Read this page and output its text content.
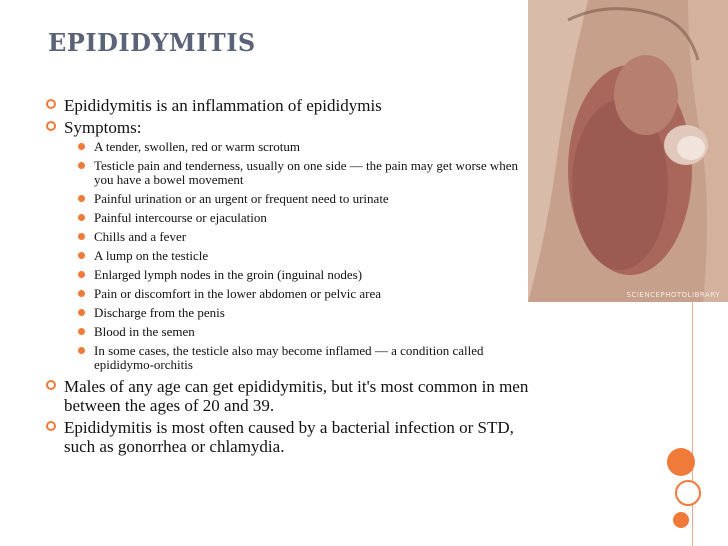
SCIENCEPHOTOLIBRARY
EPIDIDYMITIS
Epididymitis is an inflammation of epididymis
Symptoms:
A tender, swollen, red or warm scrotum
Testicle pain and tenderness, usually on one side — the pain may get worse when you have a bowel movement
Painful urination or an urgent or frequent need to urinate
Painful intercourse or ejaculation
Chills and a fever
A lump on the testicle
Enlarged lymph nodes in the groin (inguinal nodes)
Pain or discomfort in the lower abdomen or pelvic area
Discharge from the penis
Blood in the semen
In some cases, the testicle also may become inflamed — a condition called epididymo-orchitis
Males of any age can get epididymitis, but it's most common in men between the ages of 20 and 39.
Epididymitis is most often caused by a bacterial infection or STD, such as gonorrhea or chlamydia.
